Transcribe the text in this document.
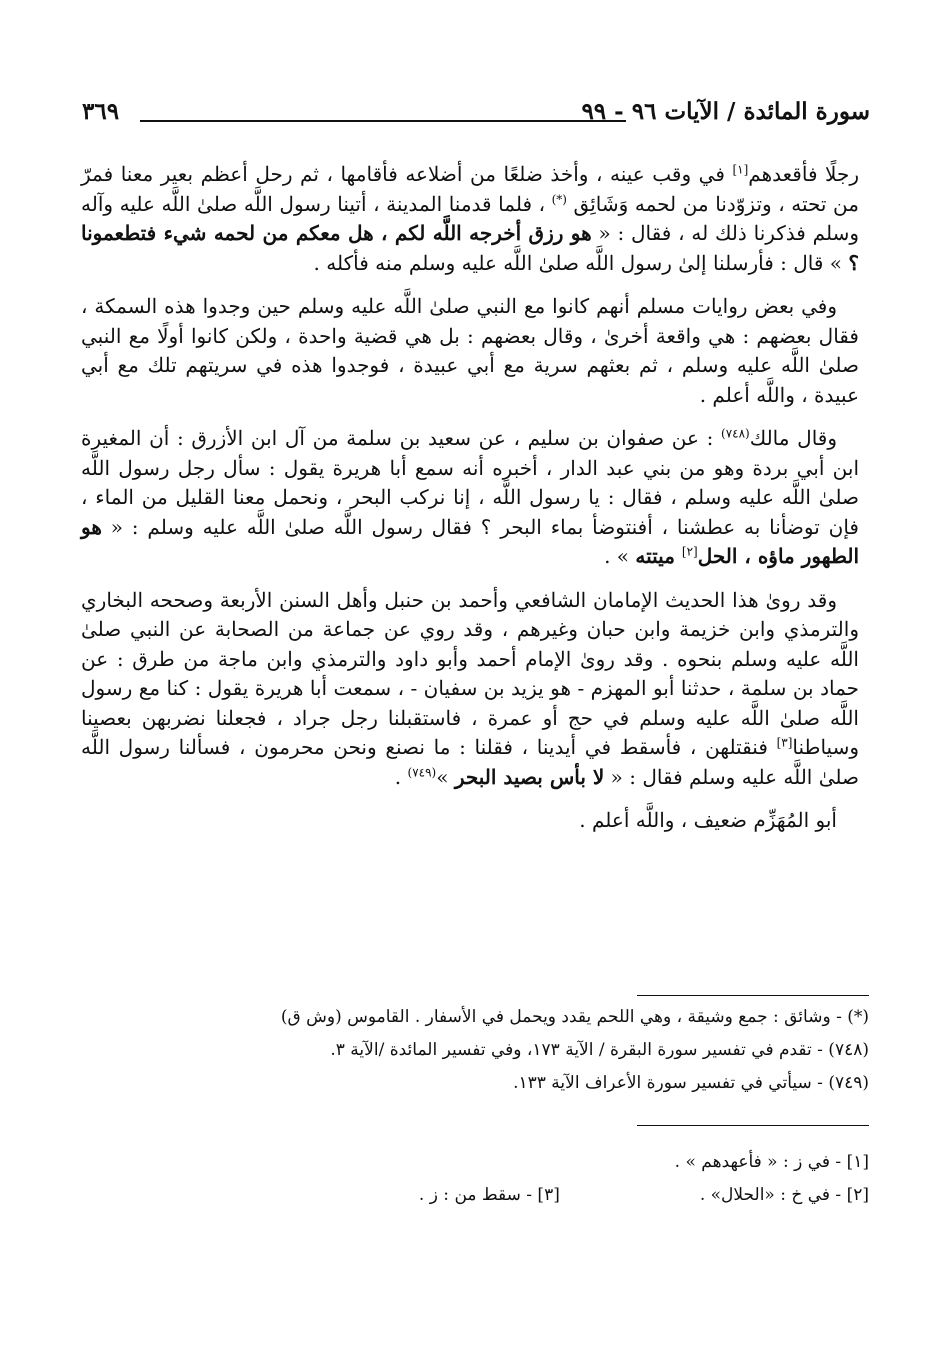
سورة المائدة / الآيات ٩٦ - ٩٩
٣٦٩

رجلًا فأقعدهم[١] في وقب عينه ، وأخذ ضلعًا من أضلاعه فأقامها ، ثم رحل أعظم بعير معنا فمرّ من تحته ، وتزوّدنا من لحمه وَشَائِق (*) ، فلما قدمنا المدينة ، أتينا رسول اللَّه صلىٰ اللَّه عليه وآله وسلم فذكرنا ذلك له ، فقال : « هو رزق أخرجه اللَّه لكم ، هل معكم من لحمه شيء فتطعمونا ؟ » قال : فأرسلنا إلىٰ رسول اللَّه صلىٰ اللَّه عليه وسلم منه فأكله .

وفي بعض روايات مسلم أنهم كانوا مع النبي صلىٰ اللَّه عليه وسلم حين وجدوا هذه السمكة ، فقال بعضهم : هي واقعة أخرىٰ ، وقال بعضهم : بل هي قضية واحدة ، ولكن كانوا أولًا مع النبي صلىٰ اللَّه عليه وسلم ، ثم بعثهم سرية مع أبي عبيدة ، فوجدوا هذه في سريتهم تلك مع أبي عبيدة ، واللَّه أعلم .

وقال مالك$^{(٧٤٨)}$ : عن صفوان بن سليم ، عن سعيد بن سلمة من آل ابن الأزرق : أن المغيرة ابن أبي بردة وهو من بني عبد الدار ، أخبره أنه سمع أبا هريرة يقول : سأل رجل رسول اللَّه صلىٰ اللَّه عليه وسلم ، فقال : يا رسول اللَّه ، إنا نركب البحر ، ونحمل معنا القليل من الماء ، فإن توضأنا به عطشنا ، أفنتوضأ بماء البحر ؟ فقال رسول اللَّه صلىٰ اللَّه عليه وسلم : « هو الطهور ماؤه ، الحل[٢] ميتته » .

وقد روىٰ هذا الحديث الإمامان الشافعي وأحمد بن حنبل وأهل السنن الأربعة وصححه البخاري والترمذي وابن خزيمة وابن حبان وغيرهم ، وقد روي عن جماعة من الصحابة عن النبي صلىٰ اللَّه عليه وسلم بنحوه . وقد روىٰ الإمام أحمد وأبو داود والترمذي وابن ماجة من طرق : عن حماد بن سلمة ، حدثنا أبو المهزم - هو يزيد بن سفيان - ، سمعت أبا هريرة يقول : كنا مع رسول اللَّه صلىٰ اللَّه عليه وسلم في حج أو عمرة ، فاستقبلنا رجل جراد ، فجعلنا نضربهن بعصينا وسياطنا[٣] فنقتلهن ، فأسقط في أيدينا ، فقلنا : ما نصنع ونحن محرمون ، فسألنا رسول اللَّه صلىٰ اللَّه عليه وسلم فقال : « لا بأس بصيد البحر »$^{(٧٤٩)}$ .

أبو المُهَزِّم ضعيف ، واللَّه أعلم .

(*) - وشائق : جمع وشيقة ، وهي اللحم يقدد ويحمل في الأسفار . القاموس (وش ق)
(٧٤٨) - تقدم في تفسير سورة البقرة / الآية ١٧٣، وفي تفسير المائدة /الآية ٣.
(٧٤٩) - سيأتي في تفسير سورة الأعراف الآية ١٣٣.
[١] - في ز : « فأعهدهم » .
[٢] - في خ : «الحلال» .
[٣] - سقط من : ز .
